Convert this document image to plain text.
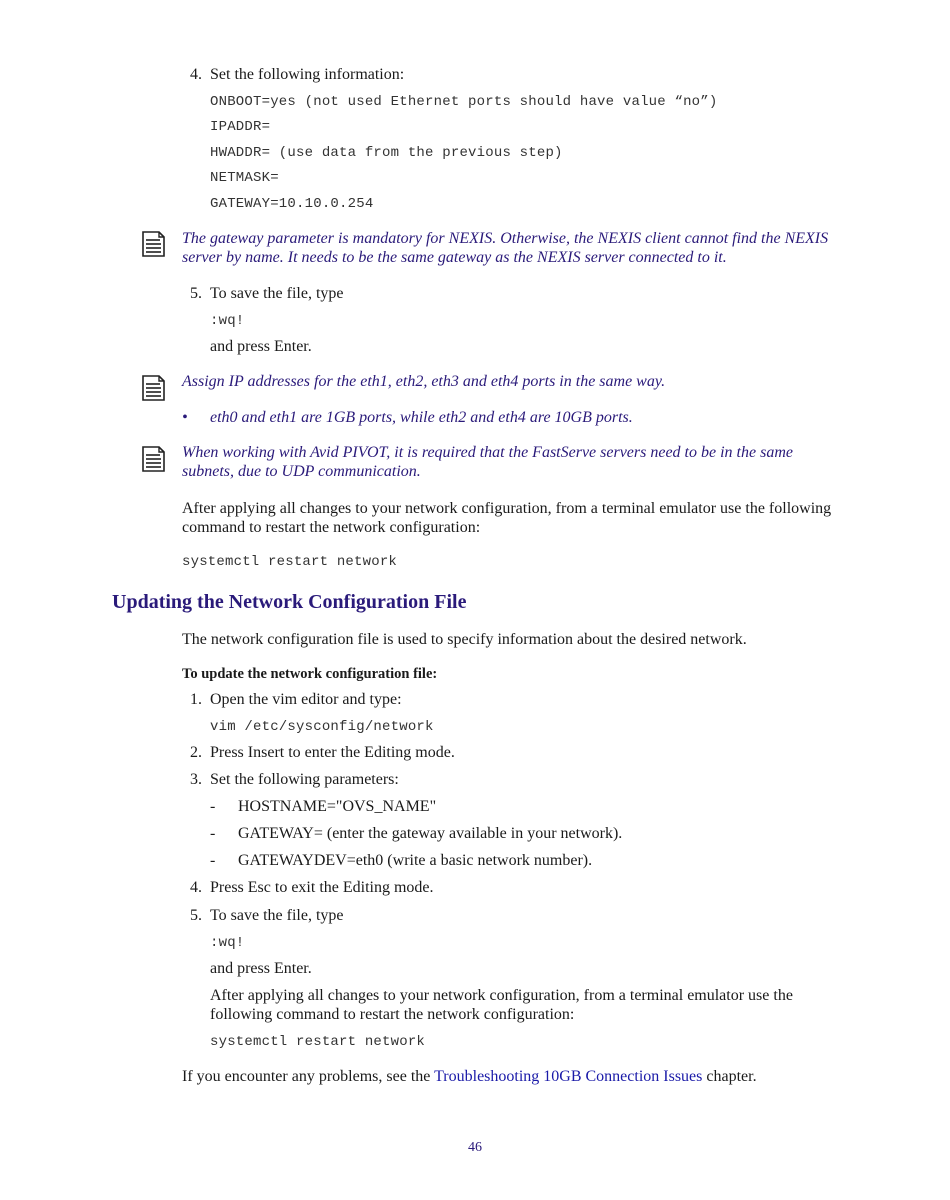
4. Set the following information:
ONBOOT=yes (not used Ethernet ports should have value “no”)
IPADDR=
HWADDR= (use data from the previous step)
NETMASK=
GATEWAY=10.10.0.254
The gateway parameter is mandatory for NEXIS. Otherwise, the NEXIS client cannot find the NEXIS
server by name. It needs to be the same gateway as the NEXIS server connected to it.
5. To save the file, type
:wq!
and press Enter.
Assign IP addresses for the eth1, eth2, eth3 and eth4 ports in the same way.
• eth0 and eth1 are 1GB ports, while eth2 and eth4 are 10GB ports.
When working with Avid PIVOT, it is required that the FastServe servers need to be in the same
subnets, due to UDP communication.
After applying all changes to your network configuration, from a terminal emulator use the following
command to restart the network configuration:
systemctl restart network
Updating the Network Configuration File
The network configuration file is used to specify information about the desired network.
To update the network configuration file:
1. Open the vim editor and type:
vim /etc/sysconfig/network
2. Press Insert to enter the Editing mode.
3. Set the following parameters:
- HOSTNAME="OVS_NAME"
- GATEWAY= (enter the gateway available in your network).
- GATEWAYDEV=eth0 (write a basic network number).
4. Press Esc to exit the Editing mode.
5. To save the file, type
:wq!
and press Enter.
After applying all changes to your network configuration, from a terminal emulator use the
following command to restart the network configuration:
systemctl restart network
If you encounter any problems, see the Troubleshooting 10GB Connection Issues chapter.
46
